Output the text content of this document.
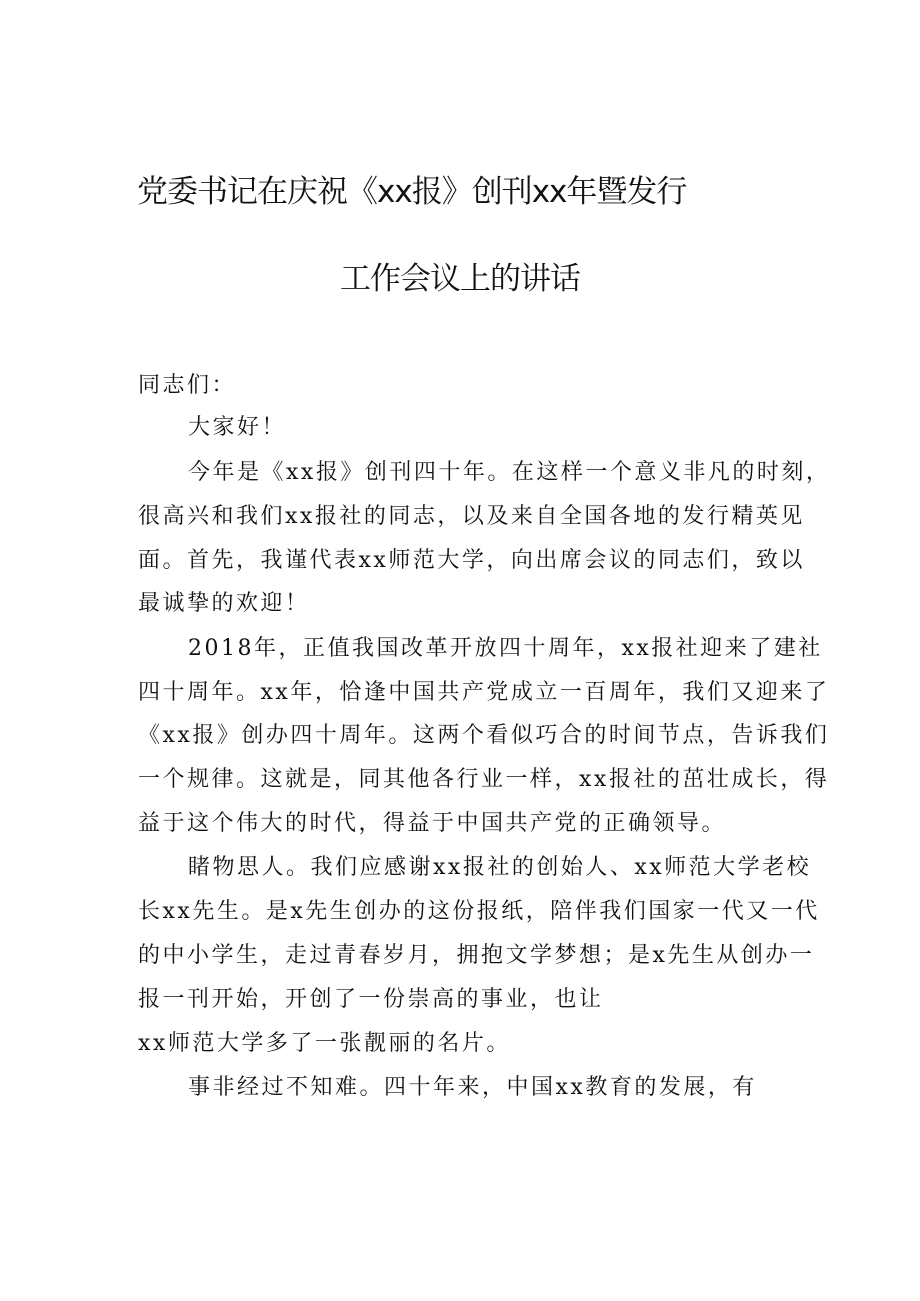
党委书记在庆祝《xx报》创刊xx年暨发行
工作会议上的讲话
同志们：
大家好！
今年是《xx报》创刊四十年。在这样一个意义非凡的时刻，
很高兴和我们xx报社的同志，以及来自全国各地的发行精英见
面。首先，我谨代表xx师范大学，向出席会议的同志们，致以
最诚挚的欢迎！
2018年，正值我国改革开放四十周年，xx报社迎来了建社
四十周年。xx年，恰逢中国共产党成立一百周年，我们又迎来了
《xx报》创办四十周年。这两个看似巧合的时间节点，告诉我们
一个规律。这就是，同其他各行业一样，xx报社的茁壮成长，得
益于这个伟大的时代，得益于中国共产党的正确领导。
睹物思人。我们应感谢xx报社的创始人、xx师范大学老校
长xx先生。是x先生创办的这份报纸，陪伴我们国家一代又一代
的中小学生，走过青春岁月，拥抱文学梦想；是x先生从创办一
报一刊开始，开创了一份崇高的事业，也让
xx师范大学多了一张靓丽的名片。
事非经过不知难。四十年来，中国xx教育的发展，有
